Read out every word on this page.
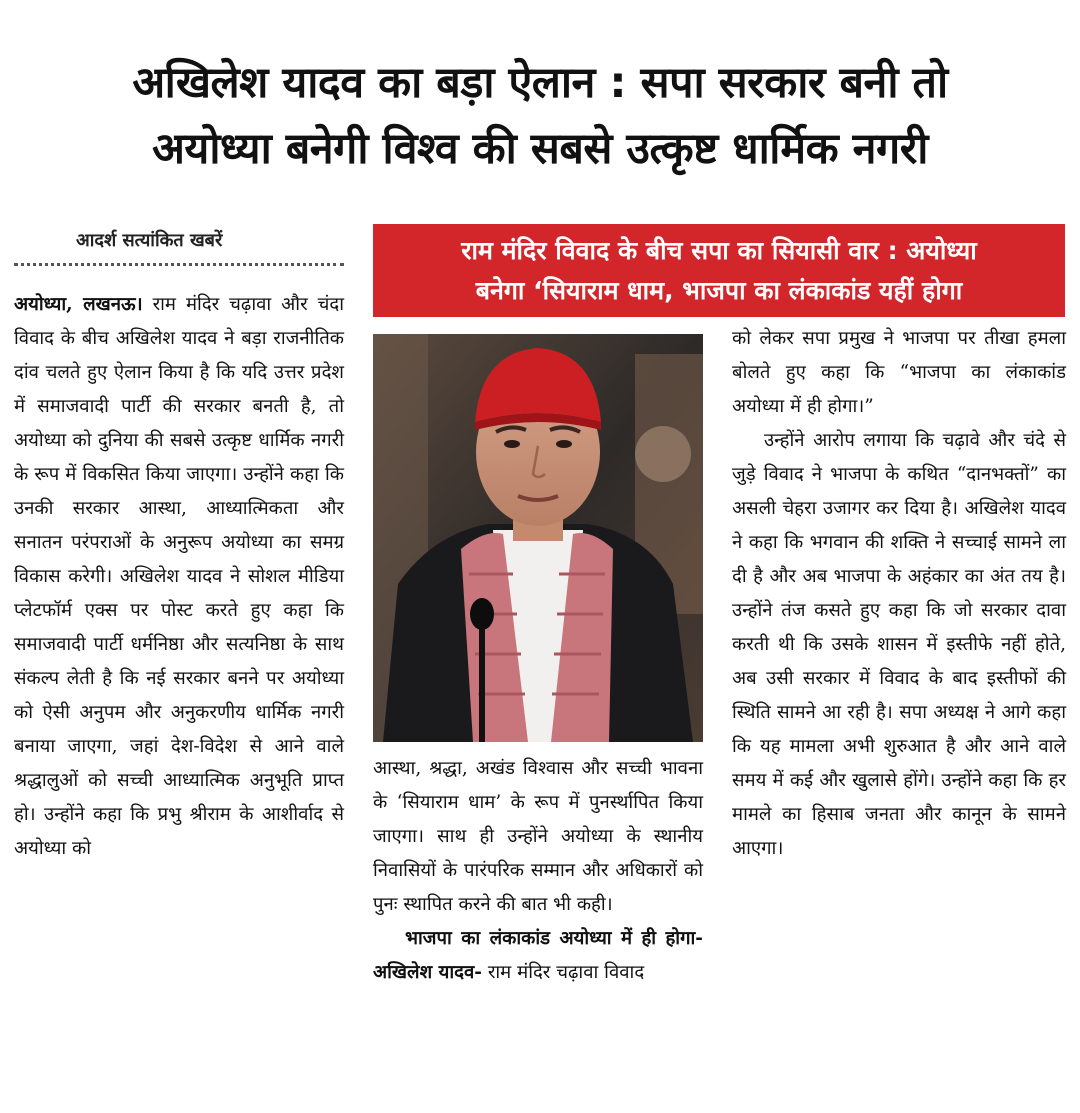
अखिलेश यादव का बड़ा ऐलान : सपा सरकार बनी तो
अयोध्या बनेगी विश्व की सबसे उत्कृष्ट धार्मिक नगरी
आदर्श सत्यांकित खबरें	राम मंदिर विवाद के बीच सपा का सियासी वार : अयोध्या
बनेगा ‘सियाराम धाम, भाजपा का लंकाकांड यहीं होगा

अयोध्या, लखनऊ। राम मंदिर चढ़ावा और चंदा विवाद के बीच अखिलेश यादव ने बड़ा राजनीतिक दांव चलते हुए ऐलान किया है कि यदि उत्तर प्रदेश में समाजवादी पार्टी की सरकार बनती है, तो अयोध्या को दुनिया की सबसे उत्कृष्ट धार्मिक नगरी के रूप में विकसित किया जाएगा। उन्होंने कहा कि उनकी सरकार आस्था, आध्यात्मिकता और सनातन परंपराओं के अनुरूप अयोध्या का समग्र विकास करेगी। अखिलेश यादव ने सोशल मीडिया प्लेटफॉर्म एक्स पर पोस्ट करते हुए कहा कि समाजवादी पार्टी धर्मनिष्ठा और सत्यनिष्ठा के साथ संकल्प लेती है कि नई सरकार बनने पर अयोध्या को ऐसी अनुपम और अनुकरणीय धार्मिक नगरी बनाया जाएगा, जहां देश-विदेश से आने वाले श्रद्धालुओं को सच्ची आध्यात्मिक अनुभूति प्राप्त हो। उन्होंने कहा कि प्रभु श्रीराम के आशीर्वाद से अयोध्या को

आस्था, श्रद्धा, अखंड विश्वास और सच्ची भावना के ‘सियाराम धाम’ के रूप में पुनर्स्थापित किया जाएगा। साथ ही उन्होंने अयोध्या के स्थानीय निवासियों के पारंपरिक सम्मान और अधिकारों को पुनः स्थापित करने की बात भी कही।

भाजपा का लंकाकांड अयोध्या में ही होगा- अखिलेश यादव- राम मंदिर चढ़ावा विवाद

को लेकर सपा प्रमुख ने भाजपा पर तीखा हमला बोलते हुए कहा कि “भाजपा का लंकाकांड अयोध्या में ही होगा।”

उन्होंने आरोप लगाया कि चढ़ावे और चंदे से जुड़े विवाद ने भाजपा के कथित “दानभक्तों” का असली चेहरा उजागर कर दिया है। अखिलेश यादव ने कहा कि भगवान की शक्ति ने सच्चाई सामने ला दी है और अब भाजपा के अहंकार का अंत तय है। उन्होंने तंज कसते हुए कहा कि जो सरकार दावा करती थी कि उसके शासन में इस्तीफे नहीं होते, अब उसी सरकार में विवाद के बाद इस्तीफों की स्थिति सामने आ रही है। सपा अध्यक्ष ने आगे कहा कि यह मामला अभी शुरुआत है और आने वाले समय में कई और खुलासे होंगे। उन्होंने कहा कि हर मामले का हिसाब जनता और कानून के सामने आएगा।
